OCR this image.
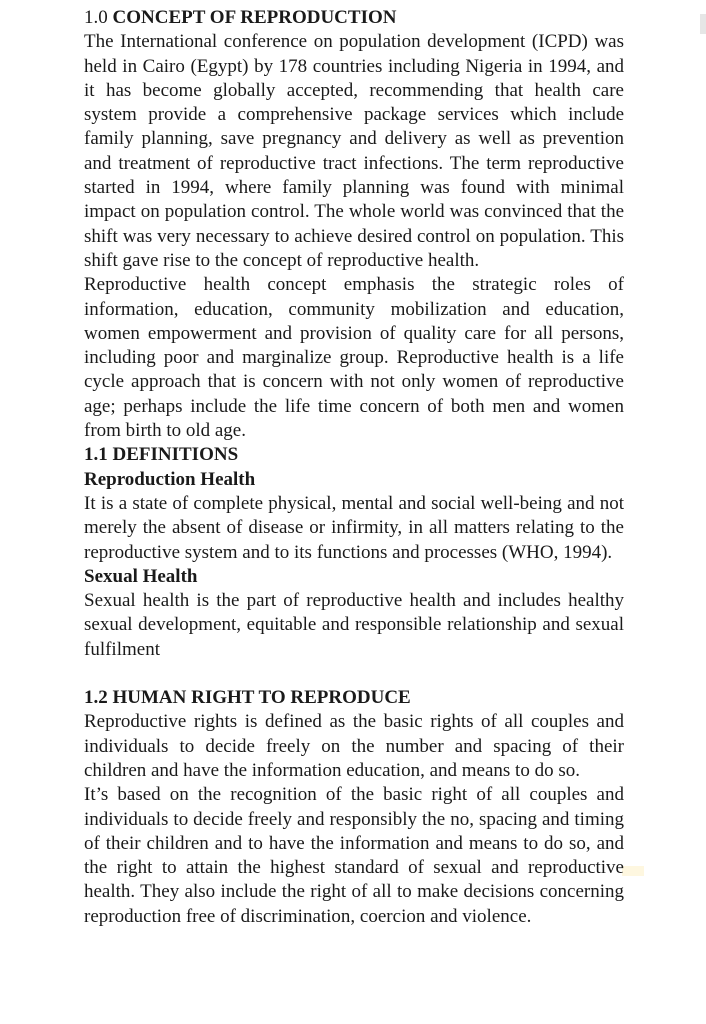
1.0 CONCEPT OF REPRODUCTION

The International conference on population development (ICPD) was held in Cairo (Egypt) by 178 countries including Nigeria in 1994, and it has become globally accepted, recommending that health care system provide a comprehensive package services which include family planning, save pregnancy and delivery as well as prevention and treatment of reproductive tract infections. The term reproductive started in 1994, where family planning was found with minimal impact on population control. The whole world was convinced that the shift was very necessary to achieve desired control on population. This shift gave rise to the concept of reproductive health.

Reproductive health concept emphasis the strategic roles of information, education, community mobilization and education, women empowerment and provision of quality care for all persons, including poor and marginalize group. Reproductive health is a life cycle approach that is concern with not only women of reproductive age; perhaps include the life time concern of both men and women from birth to old age.

1.1 DEFINITIONS
Reproduction Health

It is a state of complete physical, mental and social well-being and not merely the absent of disease or infirmity, in all matters relating to the reproductive system and to its functions and processes (WHO, 1994).

Sexual Health

Sexual health is the part of reproductive health and includes healthy sexual development, equitable and responsible relationship and sexual fulfilment

1.2 HUMAN RIGHT TO REPRODUCE

Reproductive rights is defined as the basic rights of all couples and individuals to decide freely on the number and spacing of their children and have the information education, and means to do so.

It’s based on the recognition of the basic right of all couples and individuals to decide freely and responsibly the no, spacing and timing of their children and to have the information and means to do so, and the right to attain the highest standard of sexual and reproductive health. They also include the right of all to make decisions concerning reproduction free of discrimination, coercion and violence.
